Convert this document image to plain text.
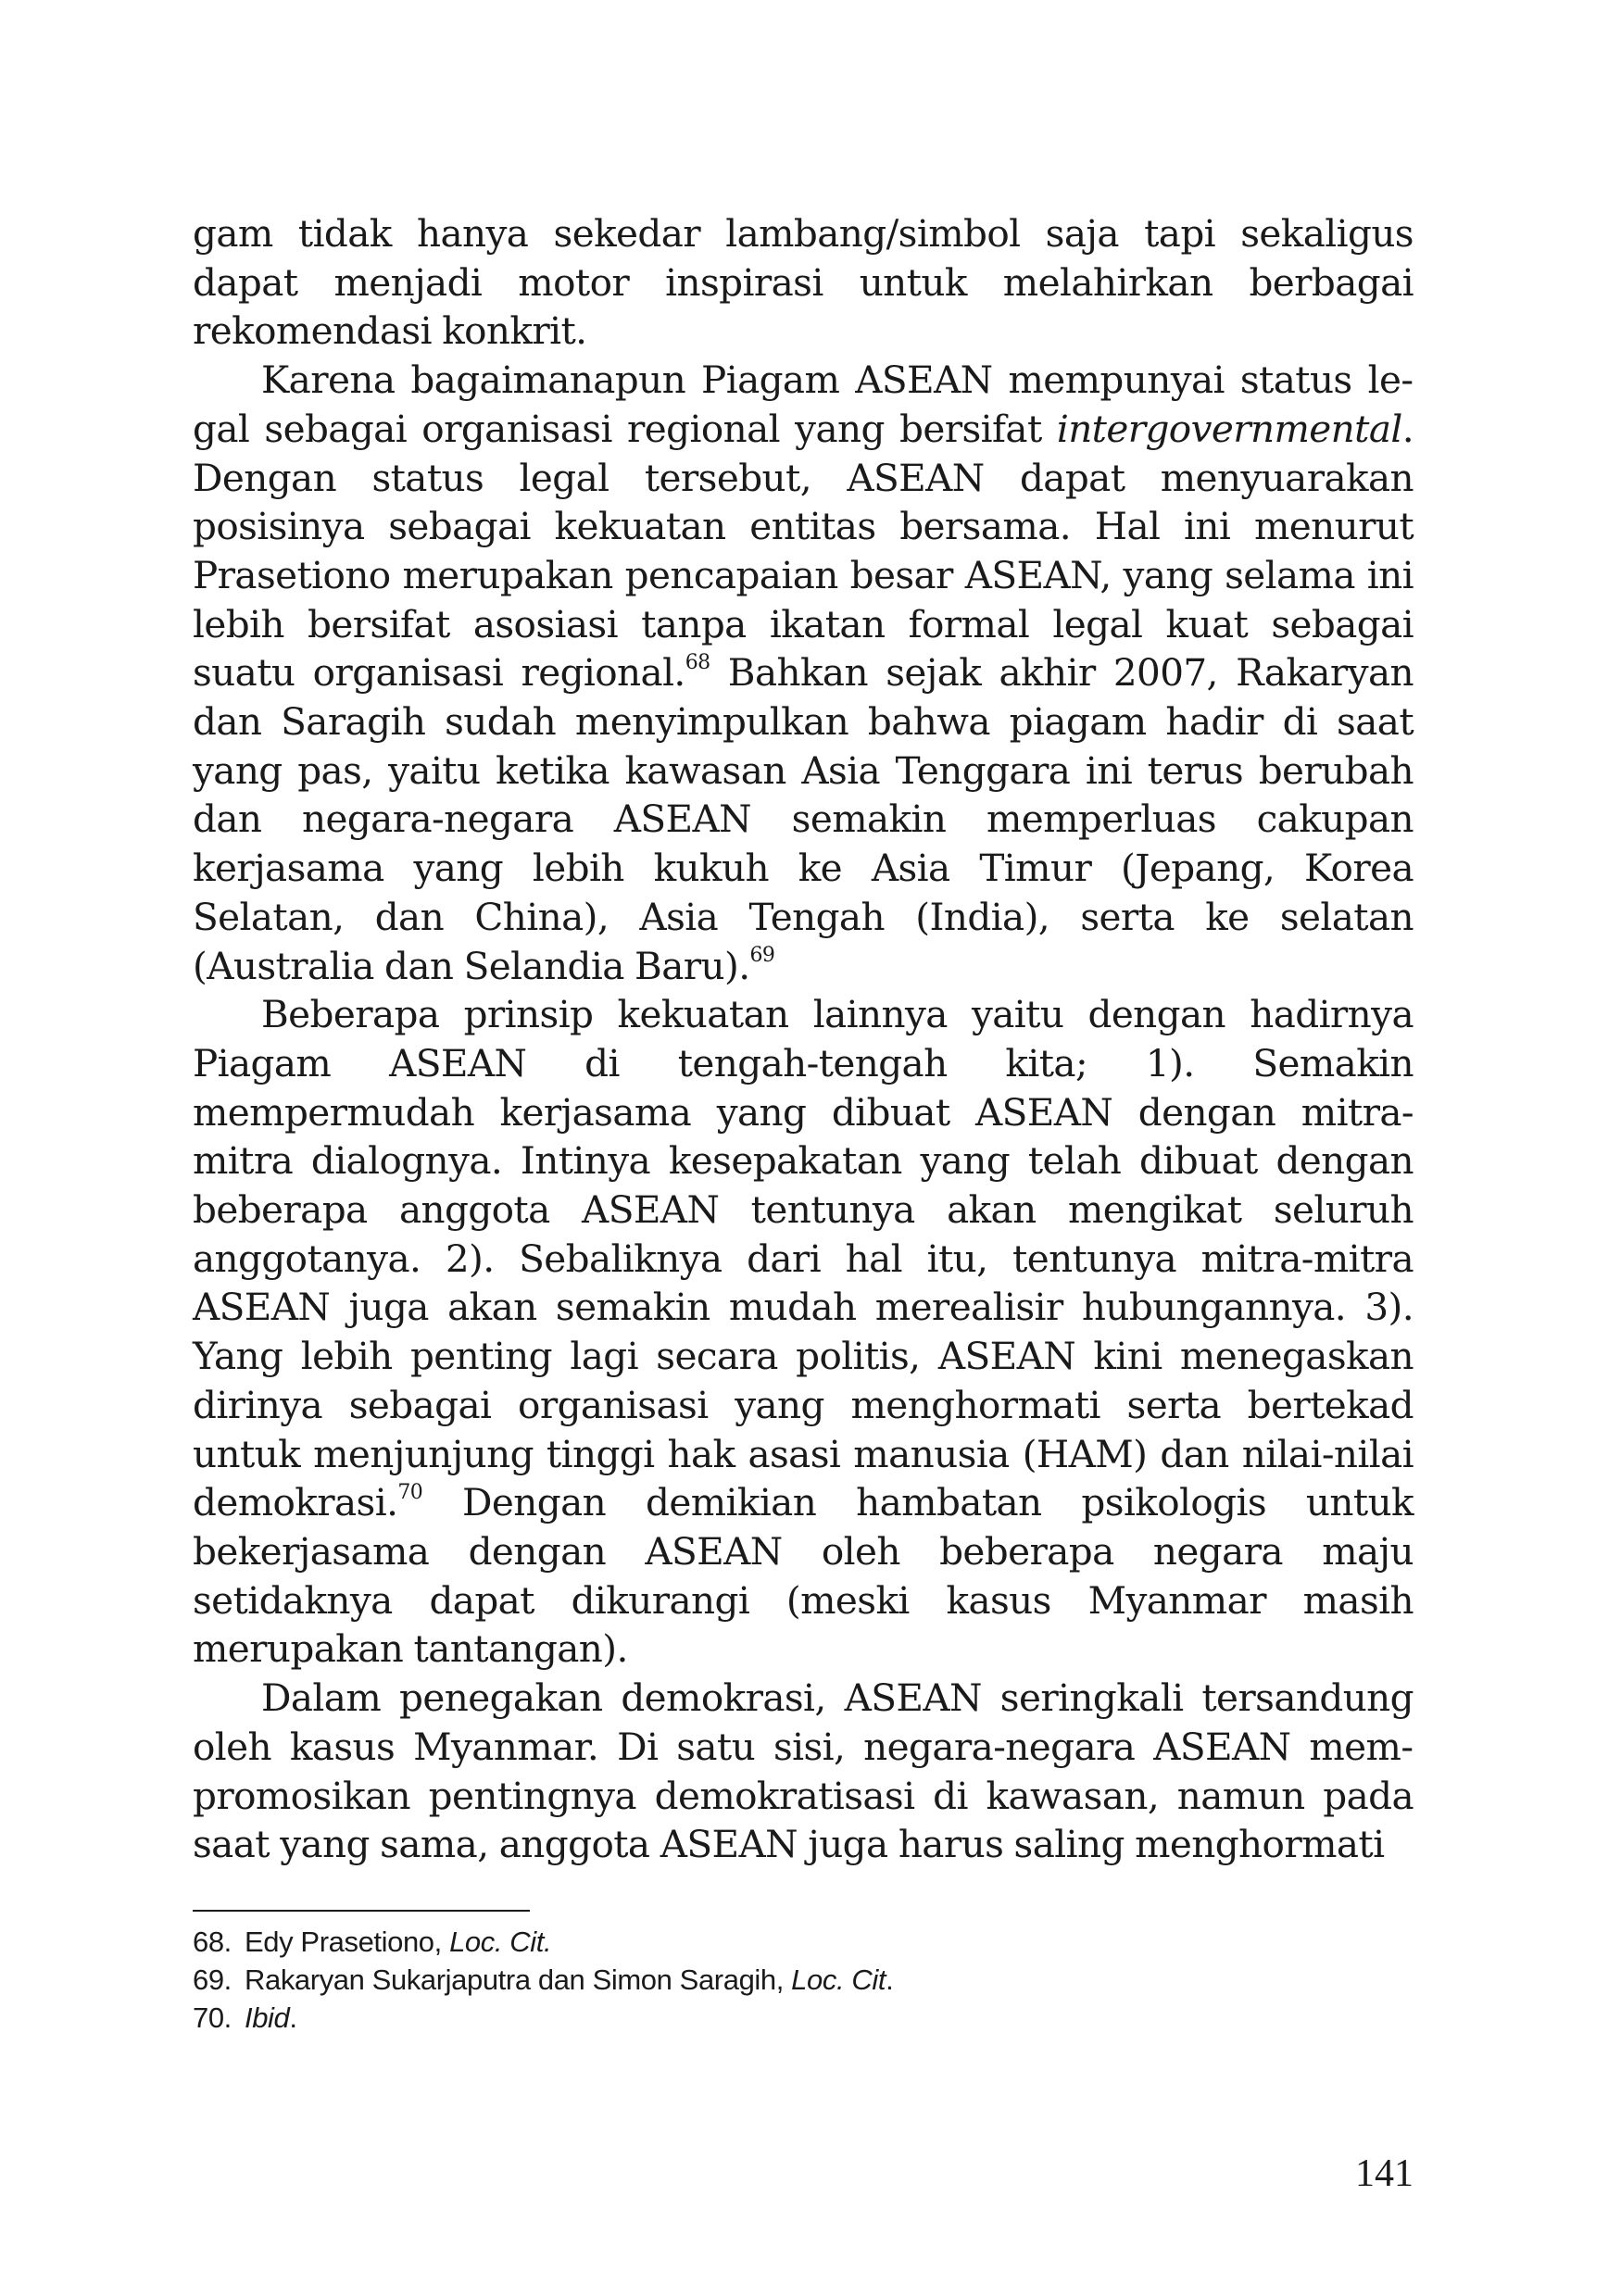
gam tidak hanya sekedar lambang/simbol saja tapi sekaligus dapat menjadi motor inspirasi untuk melahirkan berbagai rekomendasi konkrit.

Karena bagaimanapun Piagam ASEAN mempunyai status legal sebagai organisasi regional yang bersifat intergovernmental. Dengan status legal tersebut, ASEAN dapat menyuarakan posisinya sebagai kekuatan entitas bersama. Hal ini menurut Prasetiono merupakan pencapaian besar ASEAN, yang selama ini lebih bersifat asosiasi tanpa ikatan formal legal kuat sebagai suatu organisasi regional.$^{68}$ Bahkan sejak akhir 2007, Rakaryan dan Saragih sudah menyimpulkan bahwa piagam hadir di saat yang pas, yaitu ketika kawasan Asia Tenggara ini terus berubah dan negara-negara ASEAN semakin memperluas cakupan kerjasama yang lebih kukuh ke Asia Timur (Jepang, Korea Selatan, dan China), Asia Tengah (India), serta ke selatan (Australia dan Selandia Baru).$^{69}$

Beberapa prinsip kekuatan lainnya yaitu dengan hadirnya Piagam ASEAN di tengah-tengah kita; 1). Semakin mempermudah kerjasama yang dibuat ASEAN dengan mitra-mitra dialognya. Intinya kesepakatan yang telah dibuat dengan beberapa anggota ASEAN tentunya akan mengikat seluruh anggotanya. 2). Sebaliknya dari hal itu, tentunya mitra-mitra ASEAN juga akan semakin mudah merealisir hubungannya. 3). Yang lebih penting lagi secara politis, ASEAN kini menegaskan dirinya sebagai organisasi yang menghormati serta bertekad untuk menjunjung tinggi hak asasi manusia (HAM) dan nilai-nilai demokrasi.$^{70}$ Dengan demikian hambatan psikologis untuk bekerjasama dengan ASEAN oleh beberapa negara maju setidaknya dapat dikurangi (meski kasus Myanmar masih merupakan tantangan).

Dalam penegakan demokrasi, ASEAN seringkali tersandung oleh kasus Myanmar. Di satu sisi, negara-negara ASEAN mempromosikan pentingnya demokratisasi di kawasan, namun pada saat yang sama, anggota ASEAN juga harus saling menghormati

68. Edy Prasetiono, Loc. Cit.
69. Rakaryan Sukarjaputra dan Simon Saragih, Loc. Cit.
70. Ibid.
141
